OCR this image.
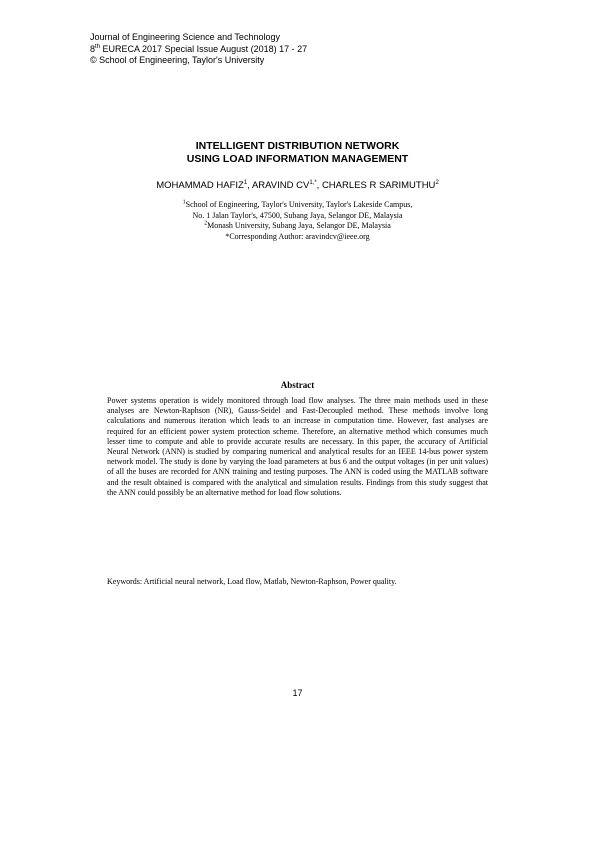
Journal of Engineering Science and Technology
8th EURECA 2017 Special Issue August (2018) 17 - 27
© School of Engineering, Taylor's University
INTELLIGENT DISTRIBUTION NETWORK
USING LOAD INFORMATION MANAGEMENT
MOHAMMAD HAFIZ$^1$, ARAVIND $CV^{1,*}$, CHARLES R SARIMUTHU$^2$
$^1$School of Engineering, Taylor's University, Taylor's Lakeside Campus,
No. 1 Jalan Taylor's, 47500, Subang Jaya, Selangor DE, Malaysia
$^2$Monash University, Subang Jaya, Selangor DE, Malaysia
*Corresponding Author: aravindcv@ieee.org
Abstract

Power systems operation is widely monitored through load flow analyses. The three main methods used in these analyses are Newton-Raphson (NR), Gauss-Seidel and Fast-Decoupled method. These methods involve long calculations and numerous iteration which leads to an increase in computation time. However, fast analyses are required for an efficient power system protection scheme. Therefore, an alternative method which consumes much lesser time to compute and able to provide accurate results are necessary. In this paper, the accuracy of Artificial Neural Network (ANN) is studied by comparing numerical and analytical results for an IEEE 14-bus power system network model. The study is done by varying the load parameters at bus 6 and the output voltages (in per unit values) of all the buses are recorded for ANN training and testing purposes. The ANN is coded using the MATLAB software and the result obtained is compared with the analytical and simulation results. Findings from this study suggest that the ANN could possibly be an alternative method for load flow solutions.

Keywords: Artificial neural network, Load flow, Matlab, Newton-Raphson, Power quality.

17
